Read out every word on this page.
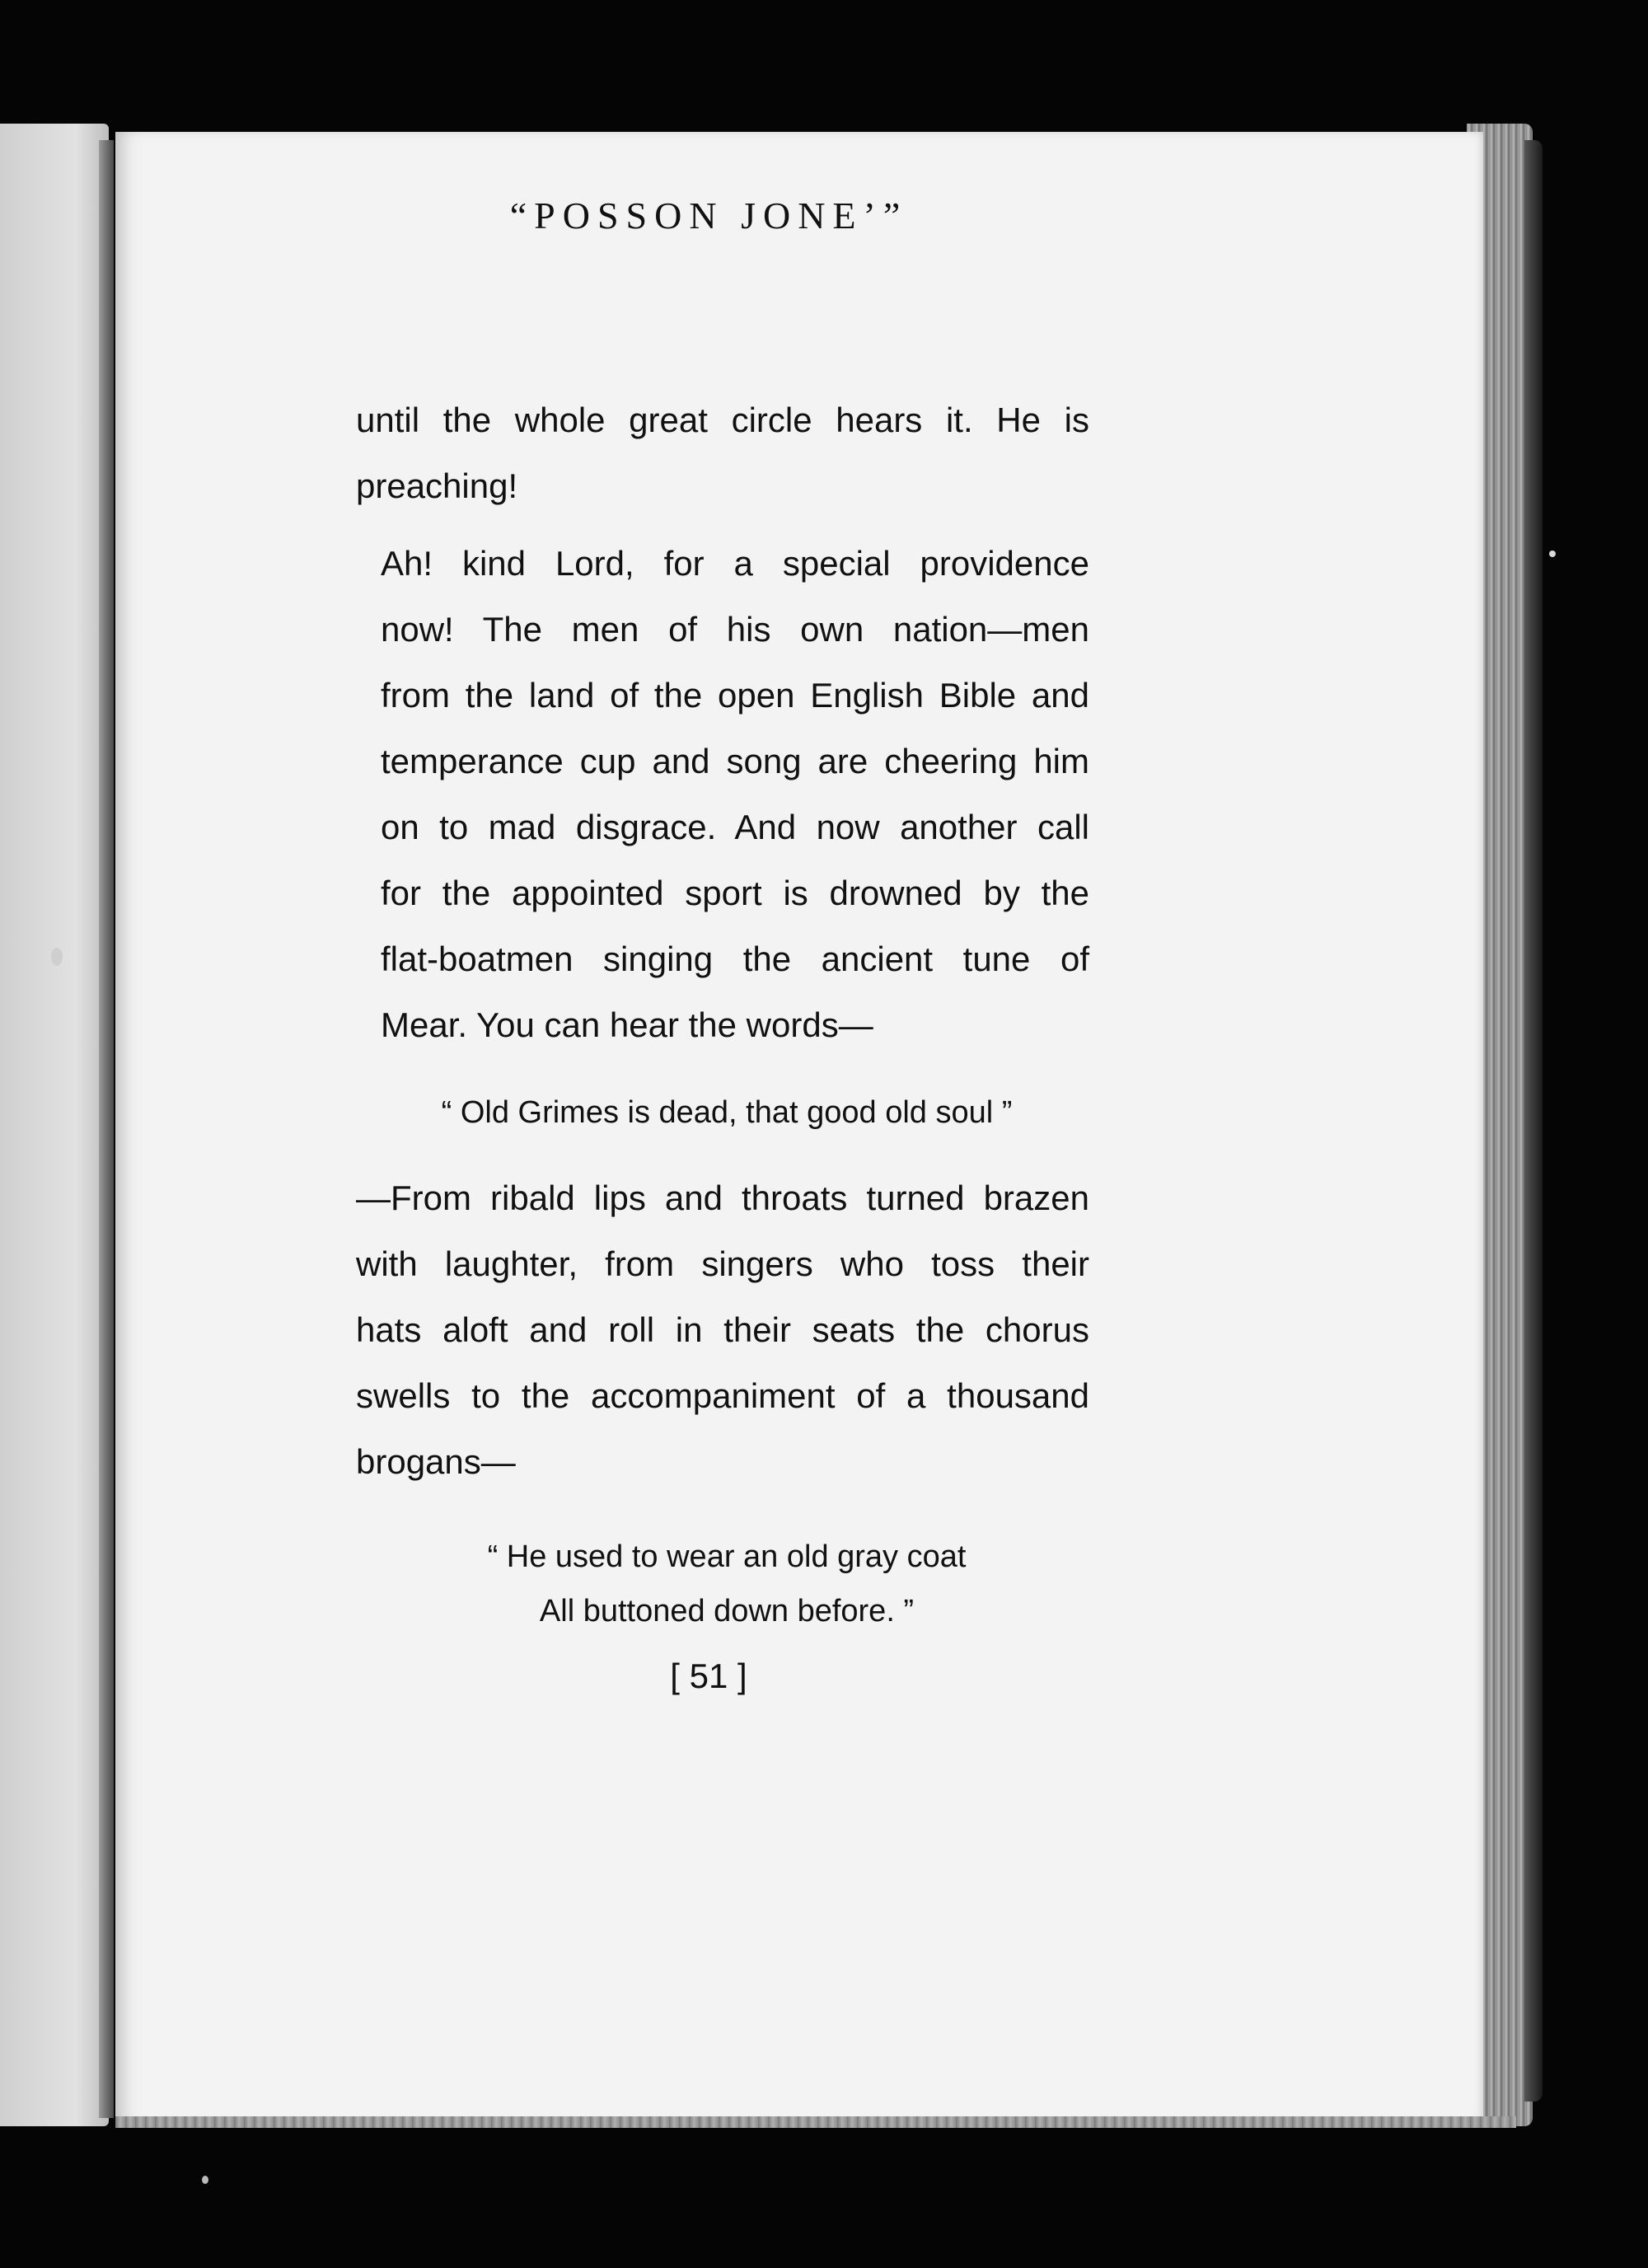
“POSSON JONE’”

until the whole great circle hears it. He is
preaching!

Ah! kind Lord, for a special providence
now! The men of his own nation—men
from the land of the open English Bible and
temperance cup and song are cheering him
on to mad disgrace. And now another call
for the appointed sport is drowned by the
flat-boatmen singing the ancient tune of
Mear. You can hear the words—

“ Old Grimes is dead, that good old soul ”

—From ribald lips and throats turned brazen
with laughter, from singers who toss their
hats aloft and roll in their seats the chorus
swells to the accompaniment of a thousand
brogans—

“ He used to wear an old gray coat
All buttoned down before. ”
[ 51 ]
